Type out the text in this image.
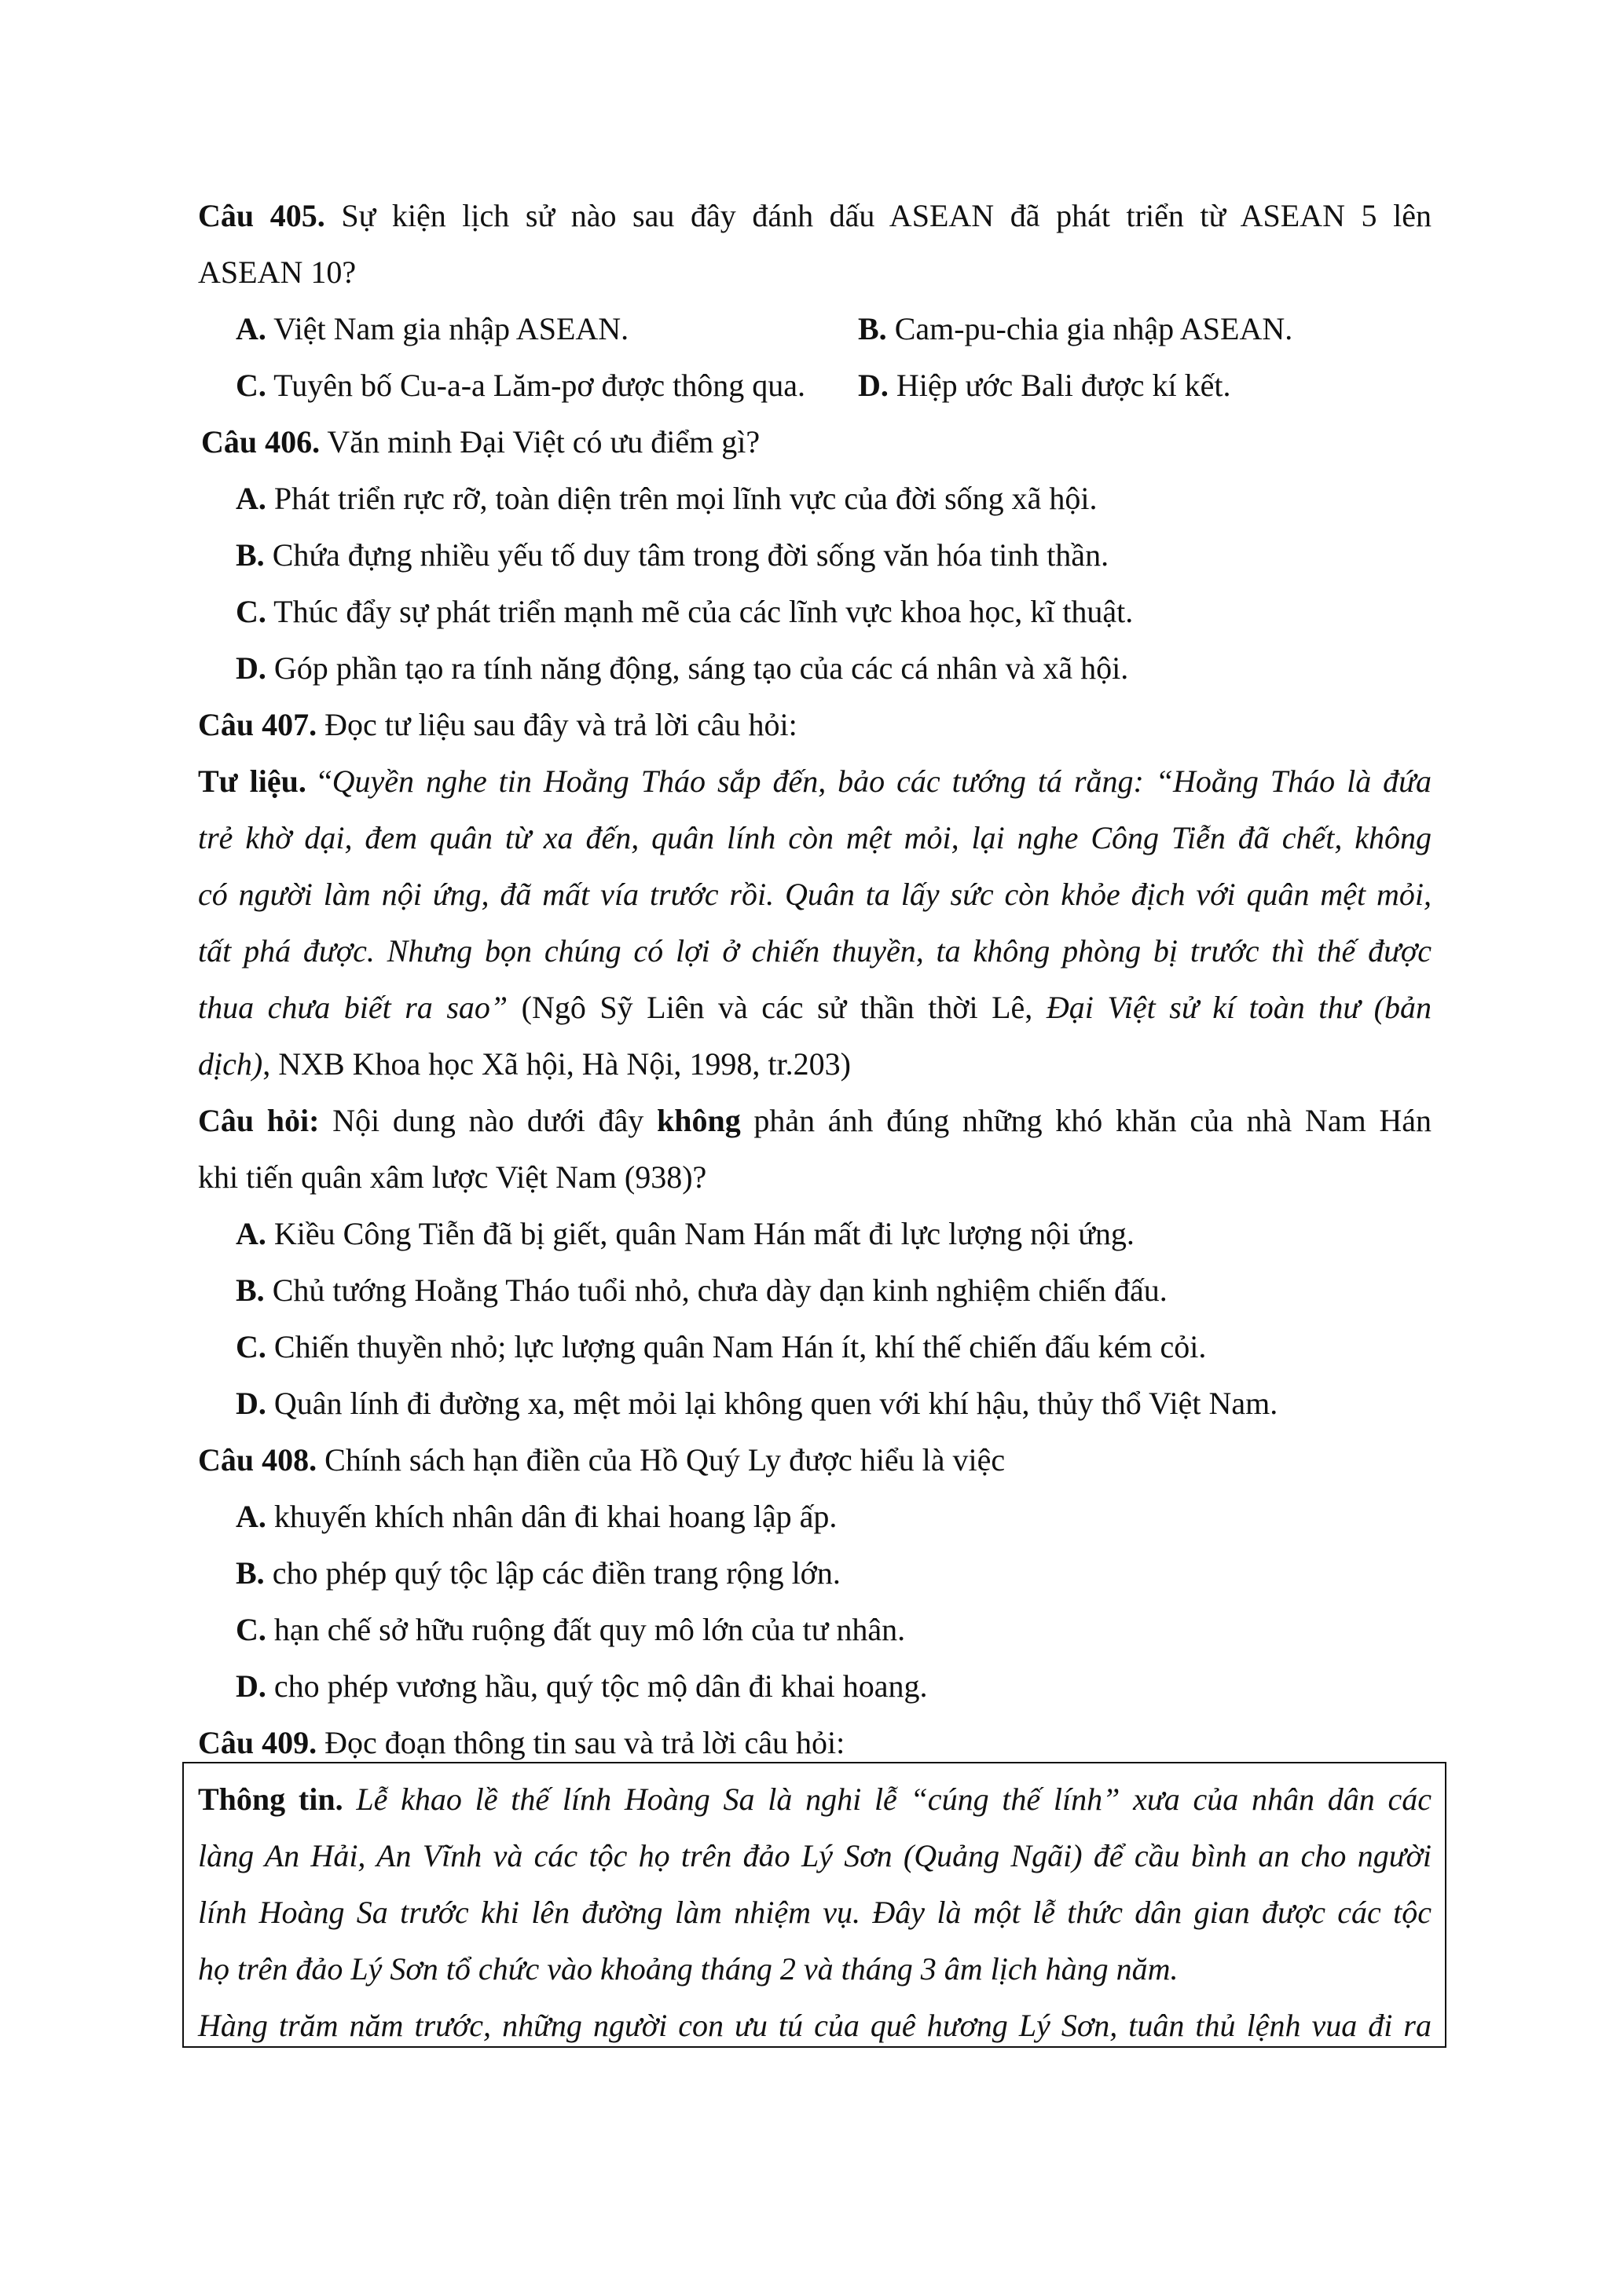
Câu 405. Sự kiện lịch sử nào sau đây đánh dấu ASEAN đã phát triển từ ASEAN 5 lên

ASEAN 10?

A. Việt Nam gia nhập ASEAN.	B. Cam-pu-chia gia nhập ASEAN.

C. Tuyên bố Cu-a-a Lăm-pơ được thông qua. D. Hiệp ước Bali được kí kết.

Câu 406. Văn minh Đại Việt có ưu điểm gì?

A. Phát triển rực rỡ, toàn diện trên mọi lĩnh vực của đời sống xã hội.

B. Chứa đựng nhiều yếu tố duy tâm trong đời sống văn hóa tinh thần.

C. Thúc đẩy sự phát triển mạnh mẽ của các lĩnh vực khoa học, kĩ thuật.

D. Góp phần tạo ra tính năng động, sáng tạo của các cá nhân và xã hội.

Câu 407. Đọc tư liệu sau đây và trả lời câu hỏi:

Tư liệu. “Quyền nghe tin Hoằng Tháo sắp đến, bảo các tướng tá rằng: “Hoằng Tháo là đứa

trẻ khờ dại, đem quân từ xa đến, quân lính còn mệt mỏi, lại nghe Công Tiễn đã chết, không

có người làm nội ứng, đã mất vía trước rồi. Quân ta lấy sức còn khỏe địch với quân mệt mỏi,

tất phá được. Nhưng bọn chúng có lợi ở chiến thuyền, ta không phòng bị trước thì thế được

thua chưa biết ra sao” (Ngô Sỹ Liên và các sử thần thời Lê, Đại Việt sử kí toàn thư (bản

dịch), NXB Khoa học Xã hội, Hà Nội, 1998, tr.203)

Câu hỏi: Nội dung nào dưới đây không phản ánh đúng những khó khăn của nhà Nam Hán

khi tiến quân xâm lược Việt Nam (938)?

A. Kiều Công Tiễn đã bị giết, quân Nam Hán mất đi lực lượng nội ứng.

B. Chủ tướng Hoằng Tháo tuổi nhỏ, chưa dày dạn kinh nghiệm chiến đấu.

C. Chiến thuyền nhỏ; lực lượng quân Nam Hán ít, khí thế chiến đấu kém cỏi.

D. Quân lính đi đường xa, mệt mỏi lại không quen với khí hậu, thủy thổ Việt Nam.

Câu 408. Chính sách hạn điền của Hồ Quý Ly được hiểu là việc

A. khuyến khích nhân dân đi khai hoang lập ấp.

B. cho phép quý tộc lập các điền trang rộng lớn.

C. hạn chế sở hữu ruộng đất quy mô lớn của tư nhân.

D. cho phép vương hầu, quý tộc mộ dân đi khai hoang.

Câu 409. Đọc đoạn thông tin sau và trả lời câu hỏi:

Thông tin. Lễ khao lề thế lính Hoàng Sa là nghi lễ “cúng thế lính” xưa của nhân dân các

làng An Hải, An Vĩnh và các tộc họ trên đảo Lý Sơn (Quảng Ngãi) để cầu bình an cho người

lính Hoàng Sa trước khi lên đường làm nhiệm vụ. Đây là một lễ thức dân gian được các tộc

họ trên đảo Lý Sơn tổ chức vào khoảng tháng 2 và tháng 3 âm lịch hàng năm.

Hàng trăm năm trước, những người con ưu tú của quê hương Lý Sơn, tuân thủ lệnh vua đi ra
